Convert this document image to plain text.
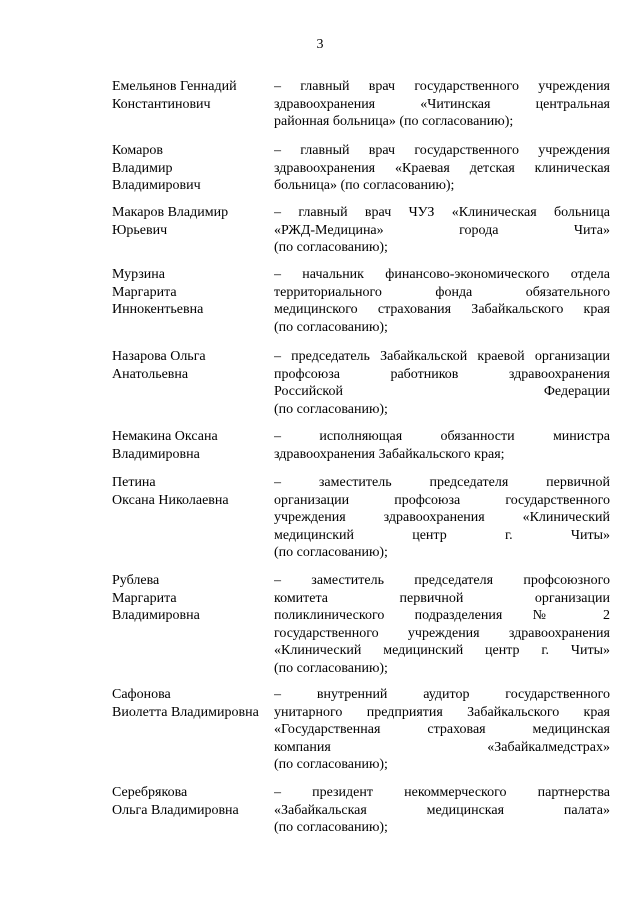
3
Емельянов Геннадий
Константинович
– главный врач государственного учреждения
здравоохранения «Читинская центральная
районная больница» (по согласованию);
Комаров
Владимир
Владимирович
– главный врач государственного учреждения
здравоохранения «Краевая детская клиническая
больница» (по согласованию);
Макаров Владимир
Юрьевич
– главный врач ЧУЗ «Клиническая больница
«РЖД-Медицина» города Чита»
(по согласованию);
Мурзина
Маргарита
Иннокентьевна
– начальник финансово-экономического отдела
территориального фонда обязательного
медицинского страхования Забайкальского края
(по согласованию);
Назарова Ольга
Анатольевна
– председатель Забайкальской краевой организации
профсоюза работников здравоохранения
Российской Федерации
(по согласованию);
Немакина Оксана
Владимировна
– исполняющая обязанности министра
здравоохранения Забайкальского края;
Петина
Оксана Николаевна
– заместитель председателя первичной
организации профсоюза государственного
учреждения здравоохранения «Клинический
медицинский центр г. Читы»
(по согласованию);
Рублева
Маргарита
Владимировна
– заместитель председателя профсоюзного
комитета первичной организации
поликлинического подразделения № 2
государственного учреждения здравоохранения
«Клинический медицинский центр г. Читы»
(по согласованию);
Сафонова
Виолетта Владимировна
– внутренний аудитор государственного
унитарного предприятия Забайкальского края
«Государственная страховая медицинская
компания «Забайкалмедстрах»
(по согласованию);
Серебрякова
Ольга Владимировна
– президент некоммерческого партнерства
«Забайкальская медицинская палата»
(по согласованию);
